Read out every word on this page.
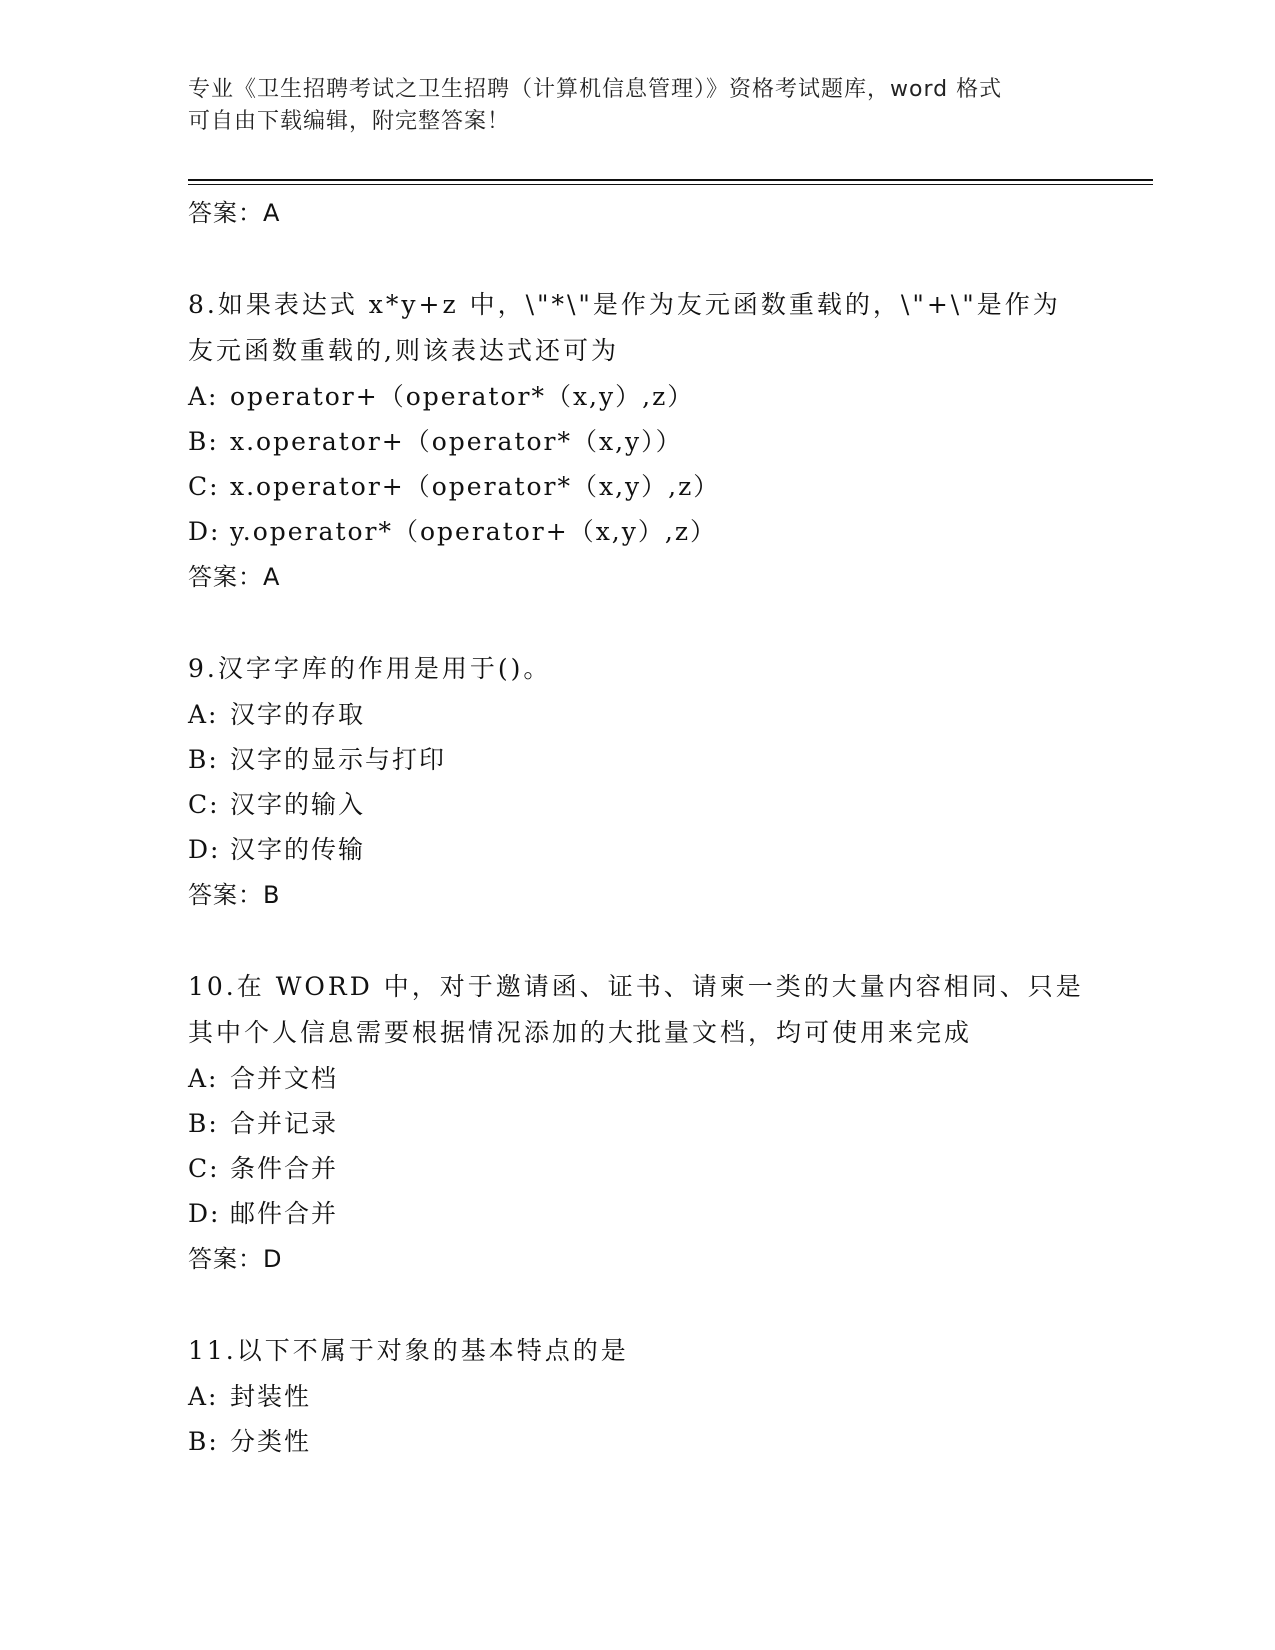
专业《卫生招聘考试之卫生招聘（计算机信息管理）》资格考试题库，word 格式
可自由下载编辑，附完整答案！
答案：A
8.如果表达式 x*y+z 中，\"*\"是作为友元函数重载的，\"+\"是作为
友元函数重载的,则该表达式还可为
A: operator+（operator*（x,y）,z）
B: x.operator+（operator*（x,y））
C: x.operator+（operator*（x,y）,z）
D: y.operator*（operator+（x,y）,z）
答案：A
9.汉字字库的作用是用于()。
A: 汉字的存取
B: 汉字的显示与打印
C: 汉字的输入
D: 汉字的传输
答案：B
10.在 WORD 中，对于邀请函、证书、请柬一类的大量内容相同、只是
其中个人信息需要根据情况添加的大批量文档，均可使用来完成
A: 合并文档
B: 合并记录
C: 条件合并
D: 邮件合并
答案：D
11.以下不属于对象的基本特点的是
A: 封装性
B: 分类性
